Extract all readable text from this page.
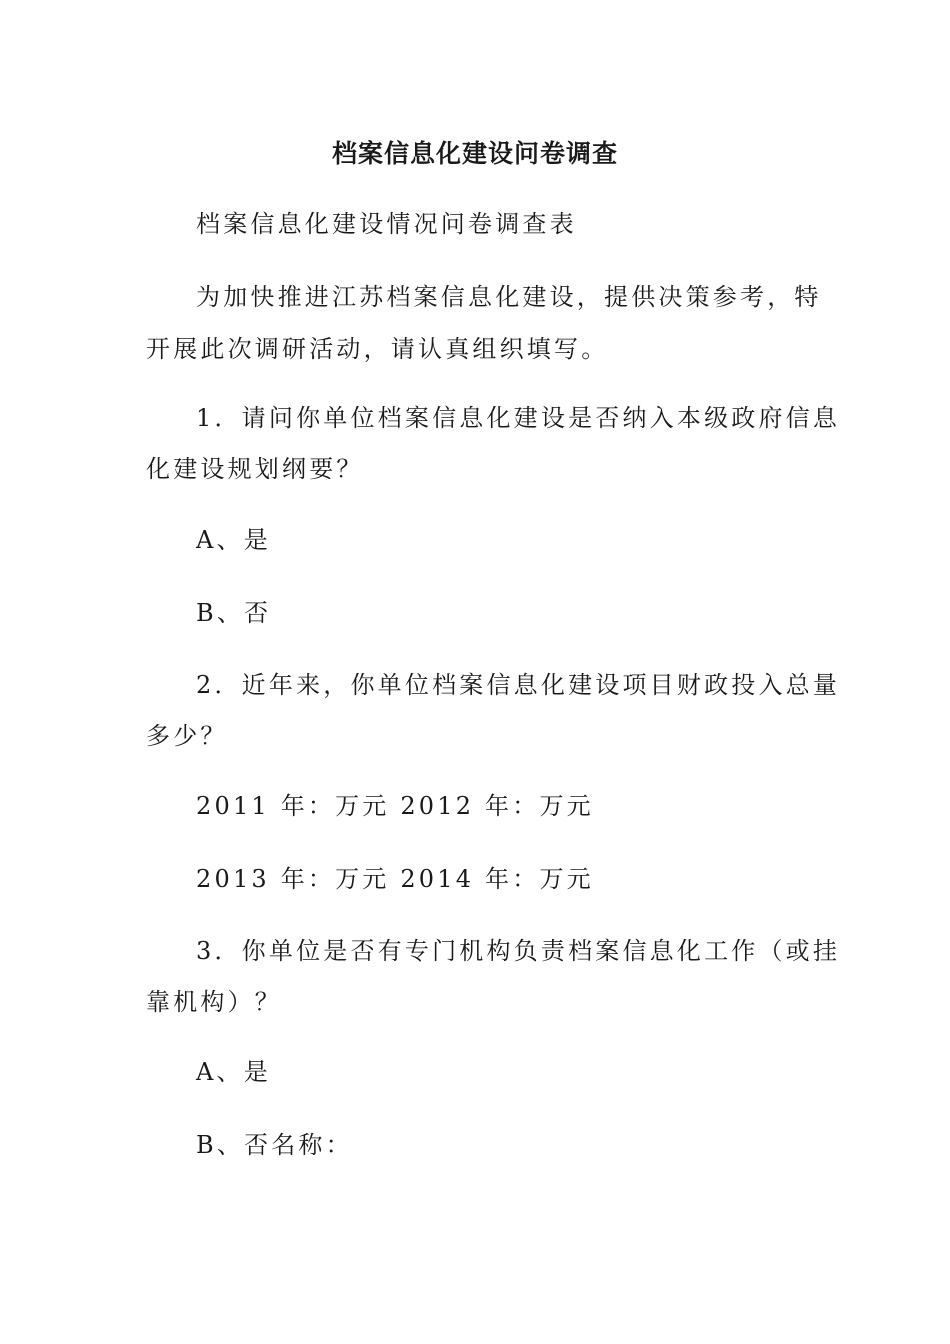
档案信息化建设问卷调查
档案信息化建设情况问卷调查表
为加快推进江苏档案信息化建设，提供决策参考，特
开展此次调研活动，请认真组织填写。
1．请问你单位档案信息化建设是否纳入本级政府信息
化建设规划纲要？
A、是
B、否
2．近年来，你单位档案信息化建设项目财政投入总量
多少？
2011 年：万元 2012 年：万元
2013 年：万元 2014 年：万元
3．你单位是否有专门机构负责档案信息化工作（或挂
靠机构）？
A、是
B、否名称：
